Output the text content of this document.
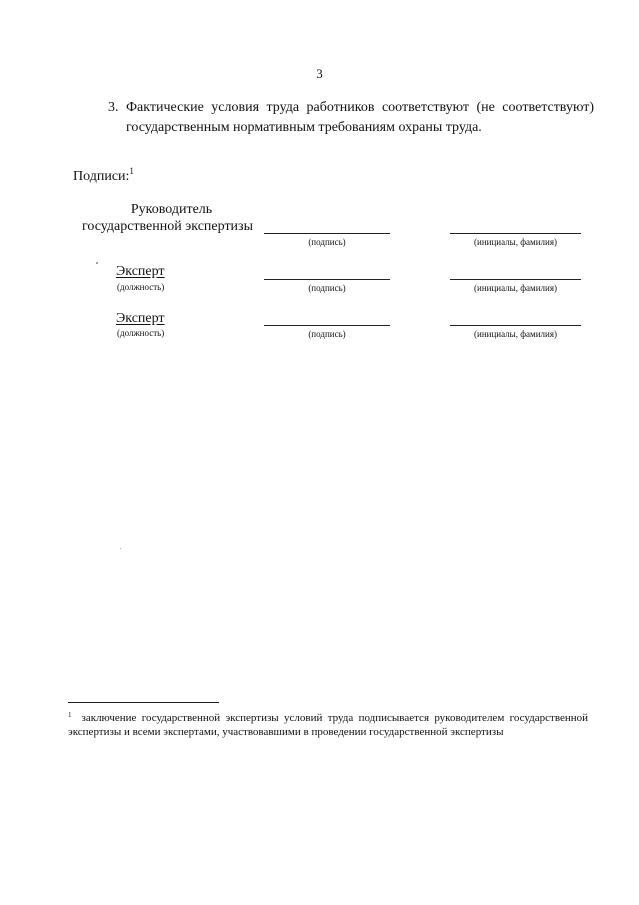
3
3. Фактические условия труда работников соответствуют (не соответствуют) государственным нормативным требованиям охраны труда.
Подписи:$^1$
Руководитель
государственной экспертизы
(подпись)	(инициалы, фамилия)
Эксперт
(должность)	(подпись)	(инициалы, фамилия)
Эксперт
(должность)	(подпись)	(инициалы, фамилия)
$^1$ заключение государственной экспертизы условий труда подписывается руководителем государственной экспертизы и всеми экспертами, участвовавшими в проведении государственной экспертизы
